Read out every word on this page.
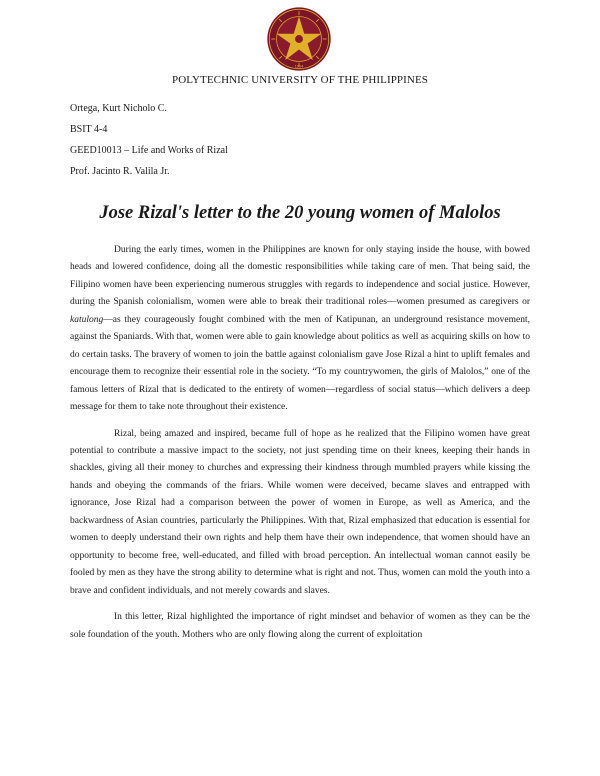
1904
POLYTECHNIC UNIVERSITY OF THE PHILIPPINES
Ortega, Kurt Nicholo C.
BSIT 4-4
GEED10013 – Life and Works of Rizal
Prof. Jacinto R. Valila Jr.
Jose Rizal's letter to the 20 young women of Malolos

During the early times, women in the Philippines are known for only staying inside the house, with bowed heads and lowered confidence, doing all the domestic responsibilities while taking care of men. That being said, the Filipino women have been experiencing numerous struggles with regards to independence and social justice. However, during the Spanish colonialism, women were able to break their traditional roles—women presumed as caregivers or katulong—as they courageously fought combined with the men of Katipunan, an underground resistance movement, against the Spaniards. With that, women were able to gain knowledge about politics as well as acquiring skills on how to do certain tasks. The bravery of women to join the battle against colonialism gave Jose Rizal a hint to uplift females and encourage them to recognize their essential role in the society. “To my countrywomen, the girls of Malolos,” one of the famous letters of Rizal that is dedicated to the entirety of women—regardless of social status—which delivers a deep message for them to take note throughout their existence.

Rizal, being amazed and inspired, became full of hope as he realized that the Filipino women have great potential to contribute a massive impact to the society, not just spending time on their knees, keeping their hands in shackles, giving all their money to churches and expressing their kindness through mumbled prayers while kissing the hands and obeying the commands of the friars. While women were deceived, became slaves and entrapped with ignorance, Jose Rizal had a comparison between the power of women in Europe, as well as America, and the backwardness of Asian countries, particularly the Philippines. With that, Rizal emphasized that education is essential for women to deeply understand their own rights and help them have their own independence, that women should have an opportunity to become free, well-educated, and filled with broad perception. An intellectual woman cannot easily be fooled by men as they have the strong ability to determine what is right and not. Thus, women can mold the youth into a brave and confident individuals, and not merely cowards and slaves.

In this letter, Rizal highlighted the importance of right mindset and behavior of women as they can be the sole foundation of the youth. Mothers who are only flowing along the current of exploitation
